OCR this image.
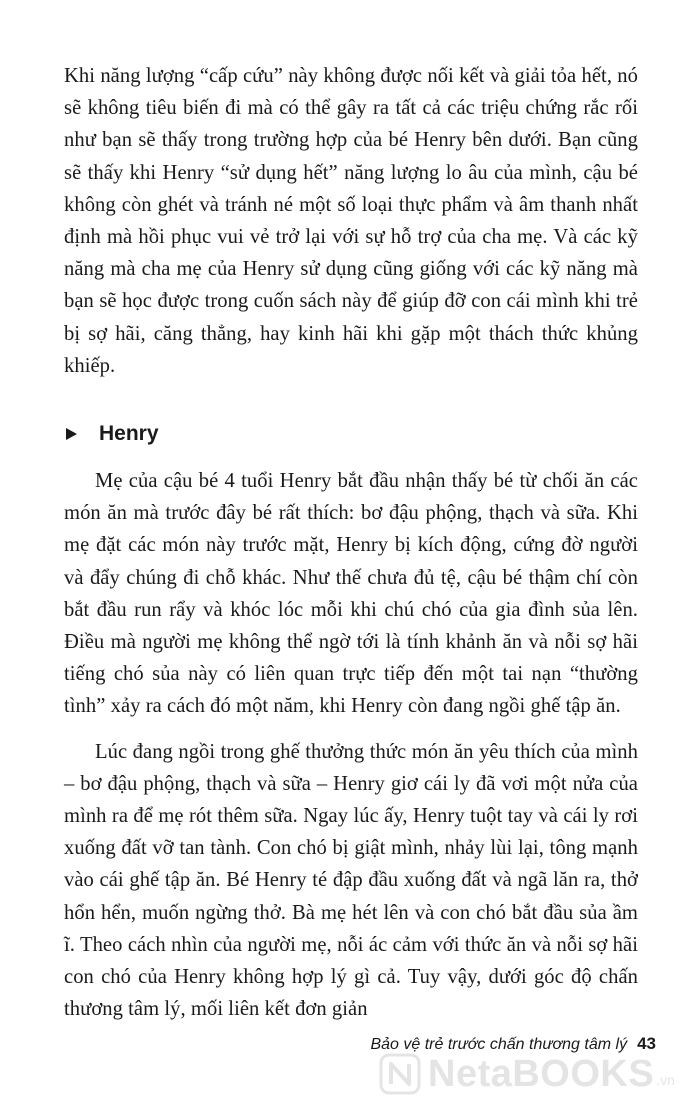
Khi năng lượng “cấp cứu” này không được nối kết và giải tỏa hết, nó sẽ không tiêu biến đi mà có thể gây ra tất cả các triệu chứng rắc rối như bạn sẽ thấy trong trường hợp của bé Henry bên dưới. Bạn cũng sẽ thấy khi Henry “sử dụng hết” năng lượng lo âu của mình, cậu bé không còn ghét và tránh né một số loại thực phẩm và âm thanh nhất định mà hồi phục vui vẻ trở lại với sự hỗ trợ của cha mẹ. Và các kỹ năng mà cha mẹ của Henry sử dụng cũng giống với các kỹ năng mà bạn sẽ học được trong cuốn sách này để giúp đỡ con cái mình khi trẻ bị sợ hãi, căng thẳng, hay kinh hãi khi gặp một thách thức khủng khiếp.

Henry

Mẹ của cậu bé 4 tuổi Henry bắt đầu nhận thấy bé từ chối ăn các món ăn mà trước đây bé rất thích: bơ đậu phộng, thạch và sữa. Khi mẹ đặt các món này trước mặt, Henry bị kích động, cứng đờ người và đẩy chúng đi chỗ khác. Như thế chưa đủ tệ, cậu bé thậm chí còn bắt đầu run rẩy và khóc lóc mỗi khi chú chó của gia đình sủa lên. Điều mà người mẹ không thể ngờ tới là tính khảnh ăn và nỗi sợ hãi tiếng chó sủa này có liên quan trực tiếp đến một tai nạn “thường tình” xảy ra cách đó một năm, khi Henry còn đang ngồi ghế tập ăn.

Lúc đang ngồi trong ghế thưởng thức món ăn yêu thích của mình – bơ đậu phộng, thạch và sữa – Henry giơ cái ly đã vơi một nửa của mình ra để mẹ rót thêm sữa. Ngay lúc ấy, Henry tuột tay và cái ly rơi xuống đất vỡ tan tành. Con chó bị giật mình, nhảy lùi lại, tông mạnh vào cái ghế tập ăn. Bé Henry té đập đầu xuống đất và ngã lăn ra, thở hổn hển, muốn ngừng thở. Bà mẹ hét lên và con chó bắt đầu sủa ầm ĩ. Theo cách nhìn của người mẹ, nỗi ác cảm với thức ăn và nỗi sợ hãi con chó của Henry không hợp lý gì cả. Tuy vậy, dưới góc độ chấn thương tâm lý, mối liên kết đơn giản

Bảo vệ trẻ trước chấn thương tâm lý 43
NetaBOOKS .vn
